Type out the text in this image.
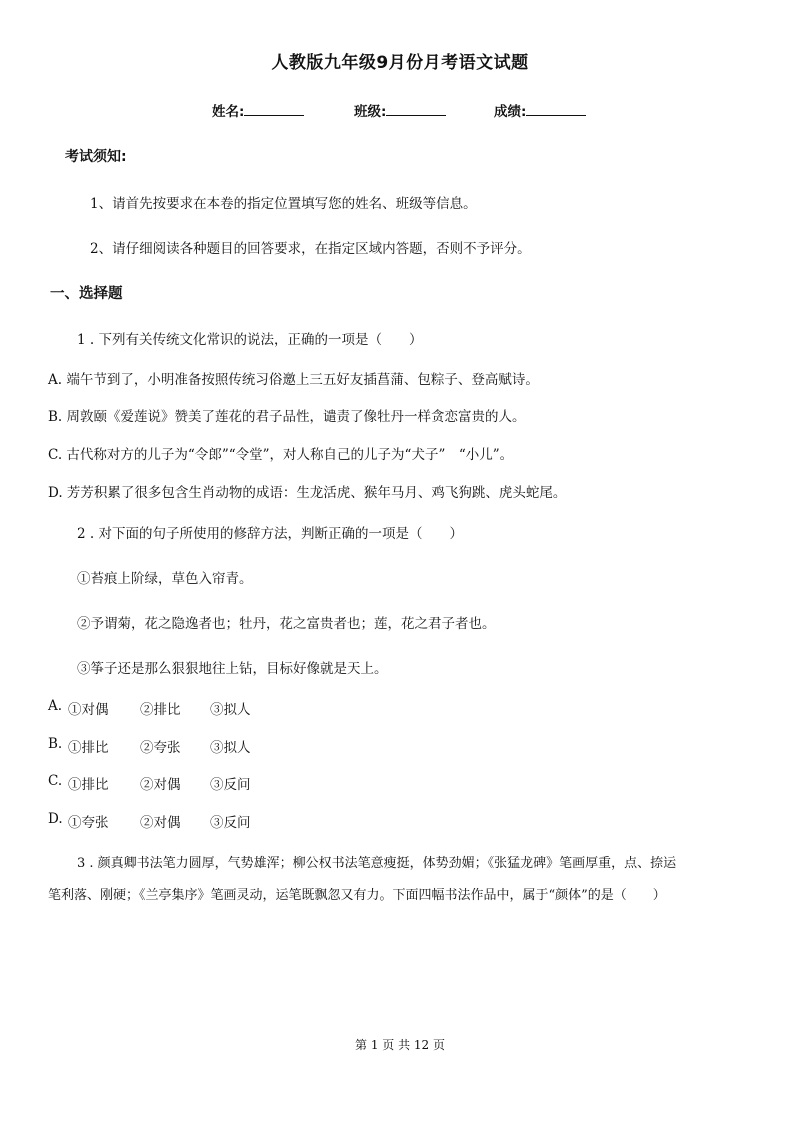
人教版九年级9月份月考语文试题
姓名:	班级:	成绩:
考试须知:
1、请首先按要求在本卷的指定位置填写您的姓名、班级等信息。
2、请仔细阅读各种题目的回答要求，在指定区域内答题，否则不予评分。
一、选择题
1 . 下列有关传统文化常识的说法，正确的一项是（　　）
A. 端午节到了，小明准备按照传统习俗邀上三五好友插菖蒲、包粽子、登高赋诗。
B. 周敦颐《爱莲说》赞美了莲花的君子品性，谴责了像牡丹一样贪恋富贵的人。
C. 古代称对方的儿子为“令郎”“令堂”，对人称自己的儿子为“犬子”　“小儿”。
D. 芳芳积累了很多包含生肖动物的成语：生龙活虎、猴年马月、鸡飞狗跳、虎头蛇尾。
2 . 对下面的句子所使用的修辞方法，判断正确的一项是（　　）
①苔痕上阶绿，草色入帘青。
②予谓菊，花之隐逸者也；牡丹，花之富贵者也；莲，花之君子者也。
③筝子还是那么狠狠地往上钻，目标好像就是天上。
A. ①对偶 ②排比 ③拟人
B. ①排比 ②夸张 ③拟人
C. ①排比 ②对偶 ③反问
D. ①夸张 ②对偶 ③反问
3 . 颜真卿书法笔力圆厚，气势雄浑；柳公权书法笔意瘦挺，体势劲媚；《张猛龙碑》笔画厚重，点、捺运
笔利落、刚硬；《兰亭集序》笔画灵动，运笔既飘忽又有力。下面四幅书法作品中，属于“颜体”的是（　　）
第 1 页 共 12 页
